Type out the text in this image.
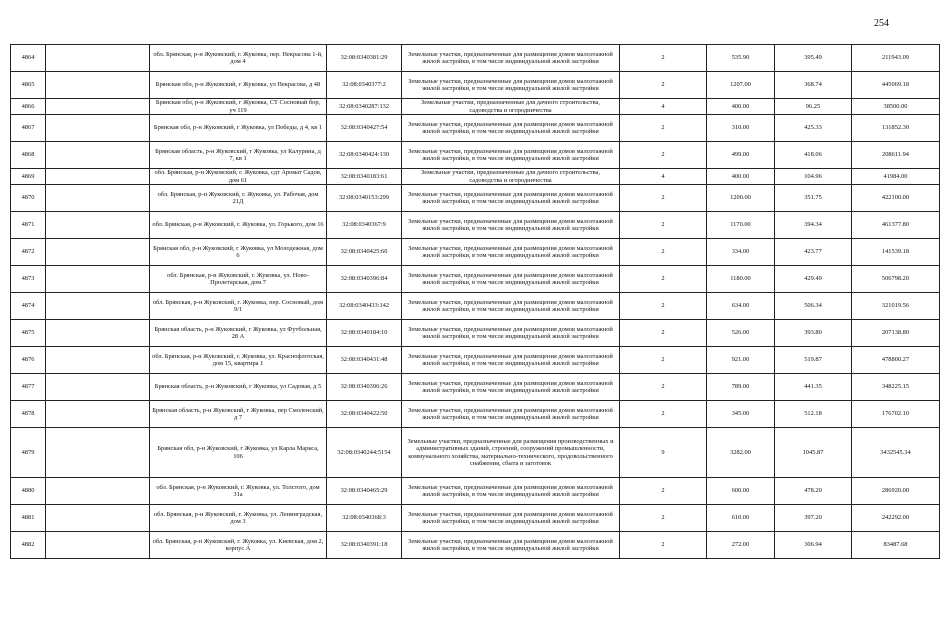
254
4864		обл. Брянская, р-н Жуковский, г. Жуковка, пер. Некрасова 1-й, дом 4	32:08:0340381:29	Земельные участки, предназначенные для размещения домов малоэтажной жилой застройки, в том числе индивидуальной жилой застройки	2	535.90	395.49	211943.09
4865		Брянская обл, р-н Жуковский, г Жуковка, ул Некрасова, д 48	32:08:0340377:2	Земельные участки, предназначенные для размещения домов малоэтажной жилой застройки, в том числе индивидуальной жилой застройки	2	1207.00	368.74	445069.18
4866		Брянская обл, р-н Жуковский, г Жуковка, СТ Сосновый бор, уч 119	32:08:0340287:132	Земельные участки, предназначенные для дачного строительства, садоводства и огородничества	4	400.00	96.25	38500.00
4867		Брянская обл, р-н Жуковский, г Жуковка, ул Победы, д 4, кв 1	32:08:0340427:54	Земельные участки, предназначенные для размещения домов малоэтажной жилой застройки, в том числе индивидуальной жилой застройки	2	310.00	425.33	131852.30
4868		Брянская область, р-н Жуковский, г Жуковка, ул Калурина, д 7, кв 1	32:08:0340424:130	Земельные участки, предназначенные для размещения домов малоэтажной жилой застройки, в том числе индивидуальной жилой застройки	2	499.00	418.06	208611.94
4869		обл. Брянская, р-н Жуковский, г. Жуковка, сдт Аромат Садов, дом 61	32:08:0340183:61	Земельные участки, предназначенные для дачного строительства, садоводства и огородничества	4	400.00	104.96	41984.00
4870		обл. Брянская, р-н Жуковский, г. Жуковка, ул. Рабочая, дом 21Д	32:08:0340153:299	Земельные участки, предназначенные для размещения домов малоэтажной жилой застройки, в том числе индивидуальной жилой застройки	2	1200.00	351.75	422100.00
4871		обл. Брянская, р-н Жуковский, г. Жуковка, ул. Горького, дом 16	32:08:0340367:9	Земельные участки, предназначенные для размещения домов малоэтажной жилой застройки, в том числе индивидуальной жилой застройки	2	1170.00	394.34	461377.80
4872		Брянская обл, р-н Жуковский, г Жуковка, ул Молодежная, дом 6	32:08:0340425:60	Земельные участки, предназначенные для размещения домов малоэтажной жилой застройки, в том числе индивидуальной жилой застройки	2	334.00	423.77	141539.18
4873		обл. Брянская, р-н Жуковский, г. Жуковка, ул. Ново-Пролетарская, дом 7	32:08:0340396:84	Земельные участки, предназначенные для размещения домов малоэтажной жилой застройки, в том числе индивидуальной жилой застройки	2	1180.00	429.49	506798.20
4874		обл. Брянская, р-н Жуковский, г. Жуковка, пер. Сосновый, дом 9/1	32:08:0340433:142	Земельные участки, предназначенные для размещения домов малоэтажной жилой застройки, в том числе индивидуальной жилой застройки	2	634.00	506.34	321019.56
4875		Брянская область, р-н Жуковский, г Жуковка, ул Футбольная, 28 А	32:08:0340184:10	Земельные участки, предназначенные для размещения домов малоэтажной жилой застройки, в том числе индивидуальной жилой застройки	2	526.00	393.80	207138.80
4876		обл. Брянская, р-н Жуковский, г. Жуковка, ул. Краснофлотская, дом 15, квартира 1	32:08:0340431:48	Земельные участки, предназначенные для размещения домов малоэтажной жилой застройки, в том числе индивидуальной жилой застройки	2	921.00	519.87	478800.27
4877		Брянская область, р-н Жуковский, г Жуковка, ул Садовая, д 5	32:08:0340396:26	Земельные участки, предназначенные для размещения домов малоэтажной жилой застройки, в том числе индивидуальной жилой застройки	2	789.00	441.35	348225.15
4878		Брянская область, р-н Жуковский, г Жуковка, пер Смоленский, д 7	32:08:0340422:50	Земельные участки, предназначенные для размещения домов малоэтажной жилой застройки, в том числе индивидуальной жилой застройки	2	345.00	512.18	176702.10
4879		Брянская обл, р-н Жуковский, г Жуковка, ул Карла Маркса, 106	32:08:0340244:5154	Земельные участки, предназначенные для размещения производственных и административных зданий, строений, сооружений промышленности, коммунального хозяйства, материально-технического, продовольственного снабжения, сбыта и заготовок	9	3282.00	1045.87	3432545.34
4880		обл. Брянская, р-н Жуковский, г. Жуковка, ул. Толстого, дом 31а	32:08:0340465:29	Земельные участки, предназначенные для размещения домов малоэтажной жилой застройки, в том числе индивидуальной жилой застройки	2	600.00	478.20	286920.00
4881		обл. Брянская, р-н Жуковский, г. Жуковка, ул. Ленинградская, дом 3	32:08:0340368:3	Земельные участки, предназначенные для размещения домов малоэтажной жилой застройки, в том числе индивидуальной жилой застройки	2	610.00	397.20	242292.00
4882		обл. Брянская, р-н Жуковский, г. Жуковка, ул. Киевская, дом 2, корпус А	32:08:0340391:18	Земельные участки, предназначенные для размещения домов малоэтажной жилой застройки, в том числе индивидуальной жилой застройки	2	272.00	306.94	83487.68
